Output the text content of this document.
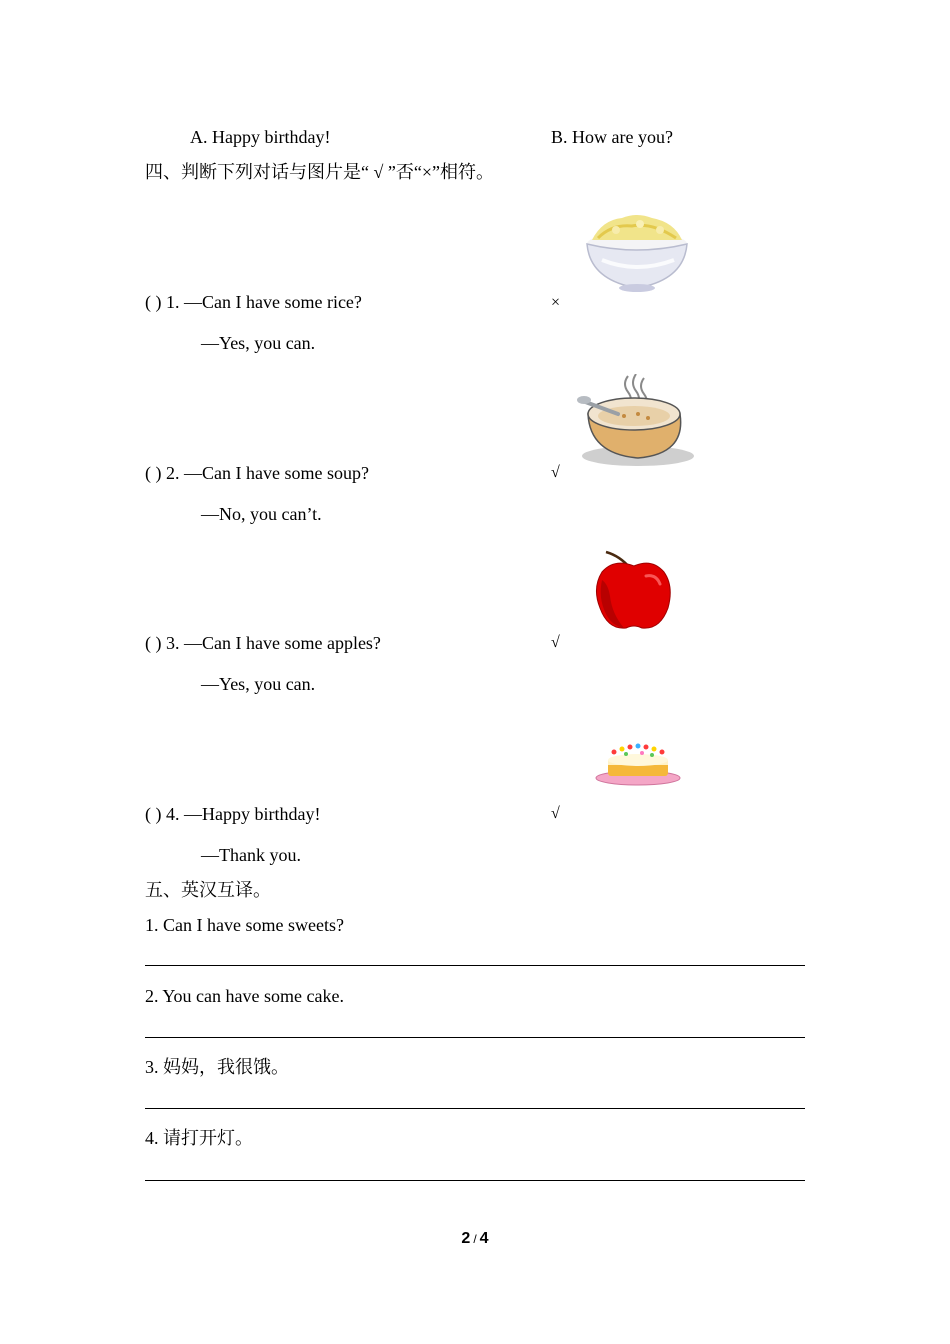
A. Happy birthday!	B. How are you?
四、判断下列对话与图片是“ √ ”否“×”相符。
( ) 1. —Can I have some rice?	×
—Yes, you can.
( ) 2. —Can I have some soup?	√
—No, you can’t.
( ) 3. —Can I have some apples?	√
—Yes, you can.
( ) 4. —Happy birthday!	√
—Thank you.
五、英汉互译。
1. Can I have some sweets?
2. You can have some cake.
3. 妈妈，我很饿。
4. 请打开灯。
2 / 4
